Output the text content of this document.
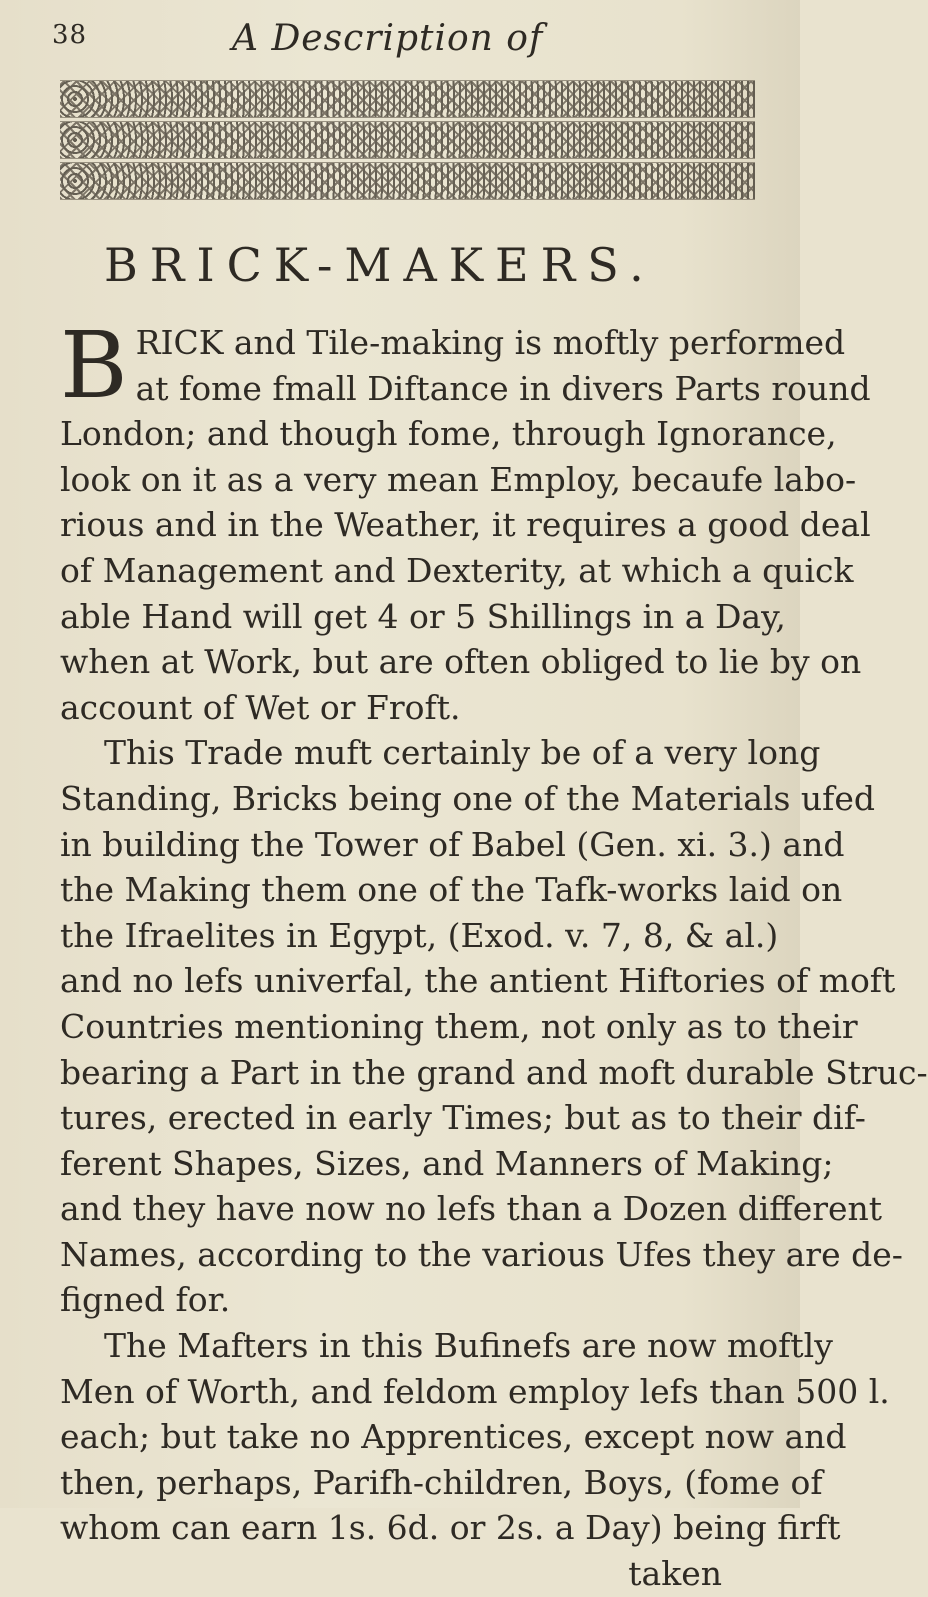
38	A Description of
BRICK-MAKERS.
B RICK and Tile-making is moftly performed
at fome fmall Diftance in divers Parts round
London; and though fome, through Ignorance,
look on it as a very mean Employ, becaufe labo-
rious and in the Weather, it requires a good deal
of Management and Dexterity, at which a quick
able Hand will get 4 or 5 Shillings in a Day,
when at Work, but are often obliged to lie by on
account of Wet or Froft.
This Trade muft certainly be of a very long
Standing, Bricks being one of the Materials ufed
in building the Tower of Babel (Gen. xi. 3.) and
the Making them one of the Tafk-works laid on
the Ifraelites in Egypt, (Exod. v. 7, 8, & al.)
and no lefs univerfal, the antient Hiftories of moft
Countries mentioning them, not only as to their
bearing a Part in the grand and moft durable Struc-
tures, erected in early Times; but as to their dif-
ferent Shapes, Sizes, and Manners of Making;
and they have now no lefs than a Dozen different
Names, according to the various Ufes they are de-
figned for.
The Mafters in this Bufinefs are now moftly
Men of Worth, and feldom employ lefs than 500 l.
each; but take no Apprentices, except now and
then, perhaps, Parifh-children, Boys, (fome of
whom can earn 1s. 6d. or 2s. a Day) being firft
taken
